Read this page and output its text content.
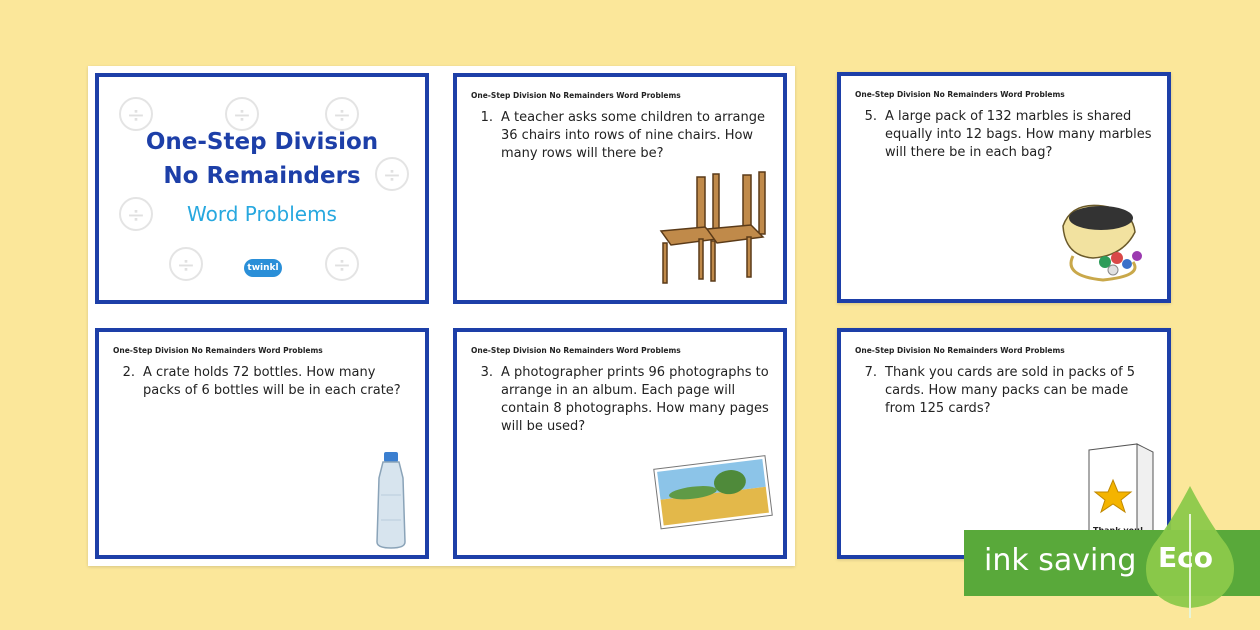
÷	÷	÷
÷
÷
÷	÷
One-Step Division
No Remainders
Word Problems
twinkl
One-Step Division No Remainders Word Problems
1. A teacher asks some children to arrange 36 chairs into rows of nine chairs. How many rows will there be?
One-Step Division No Remainders Word Problems
2. A crate holds 72 bottles. How many packs of 6 bottles will be in each crate?
One-Step Division No Remainders Word Problems
3. A photographer prints 96 photographs to arrange in an album. Each page will contain 8 photographs. How many pages will be used?
One-Step Division No Remainders Word Problems
5. A large pack of 132 marbles is shared equally into 12 bags. How many marbles will there be in each bag?
One-Step Division No Remainders Word Problems
7. Thank you cards are sold in packs of 5 cards. How many packs can be made from 125 cards?
ink saving Eco
